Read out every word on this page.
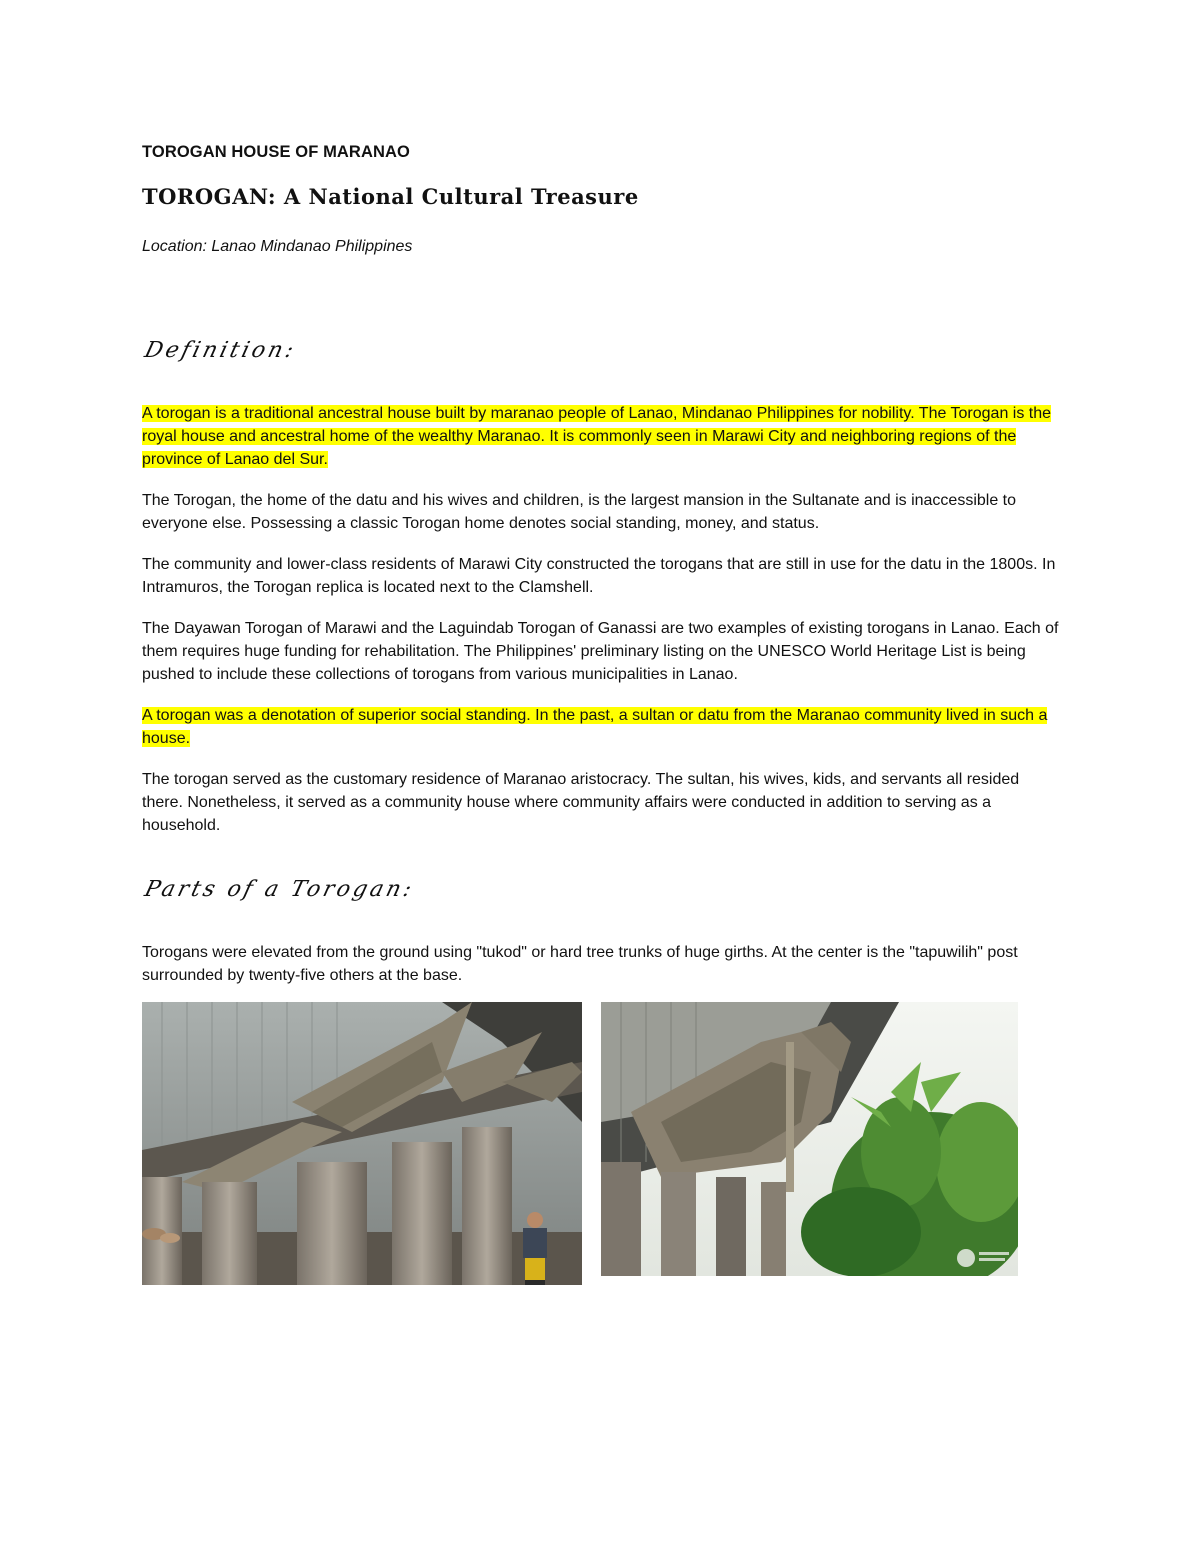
TOROGAN HOUSE OF MARANAO
TOROGAN: A National Cultural Treasure
Location: Lanao Mindanao Philippines
Definition:

A torogan is a traditional ancestral house built by maranao people of Lanao, Mindanao Philippines for nobility. The Torogan is the royal house and ancestral home of the wealthy Maranao. It is commonly seen in Marawi City and neighboring regions of the province of Lanao del Sur.

The Torogan, the home of the datu and his wives and children, is the largest mansion in the Sultanate and is inaccessible to everyone else. Possessing a classic Torogan home denotes social standing, money, and status.

The community and lower-class residents of Marawi City constructed the torogans that are still in use for the datu in the 1800s. In Intramuros, the Torogan replica is located next to the Clamshell.

The Dayawan Torogan of Marawi and the Laguindab Torogan of Ganassi are two examples of existing torogans in Lanao. Each of them requires huge funding for rehabilitation. The Philippines' preliminary listing on the UNESCO World Heritage List is being pushed to include these collections of torogans from various municipalities in Lanao.

A torogan was a denotation of superior social standing. In the past, a sultan or datu from the Maranao community lived in such a house.

The torogan served as the customary residence of Maranao aristocracy. The sultan, his wives, kids, and servants all resided there. Nonetheless, it served as a community house where community affairs were conducted in addition to serving as a household.

Parts of a Torogan:

Torogans were elevated from the ground using "tukod" or hard tree trunks of huge girths. At the center is the "tapuwilih" post surrounded by twenty-five others at the base.
